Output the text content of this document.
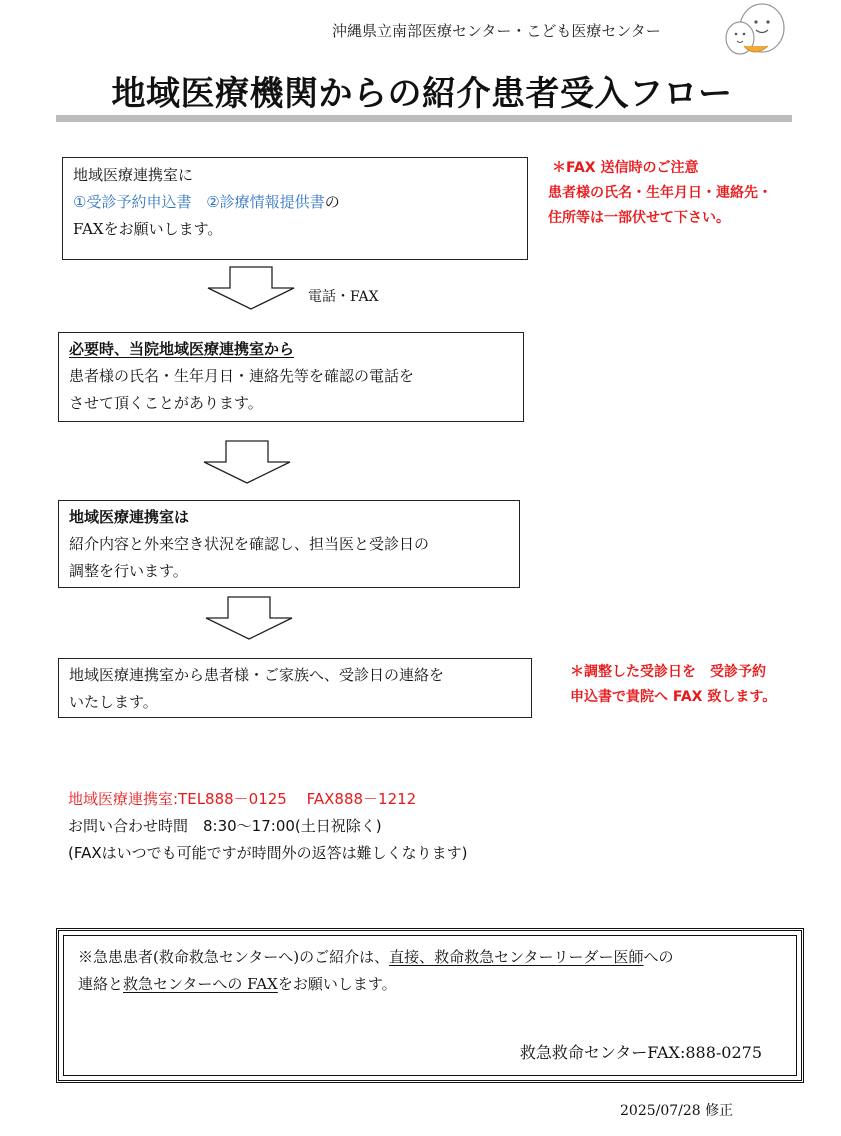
沖縄県立南部医療センター・こども医療センター
地域医療機関からの紹介患者受入フロー
地域医療連携室に
①受診予約申込書 ②診療情報提供書の
FAXをお願いします。
＊FAX 送信時のご注意
患者様の氏名・生年月日・連絡先・
住所等は一部伏せて下さい。
電話・FAX
必要時、当院地域医療連携室から
患者様の氏名・生年月日・連絡先等を確認の電話を
させて頂くことがあります。
地域医療連携室は
紹介内容と外来空き状況を確認し、担当医と受診日の
調整を行います。
地域医療連携室から患者様・ご家族へ、受診日の連絡を
いたします。
＊調整した受診日を　受診予約
申込書で貴院へ FAX 致します。
地域医療連携室:TEL888－0125　 FAX888－1212
お問い合わせ時間　8:30～17:00(土日祝除く)
(FAXはいつでも可能ですが時間外の返答は難しくなります)
※急患患者(救命救急センターへ)のご紹介は、直接、救命救急センターリーダー医師への
連絡と救急センターへの FAXをお願いします。
救急救命センターFAX:888-0275
2025/07/28 修正
